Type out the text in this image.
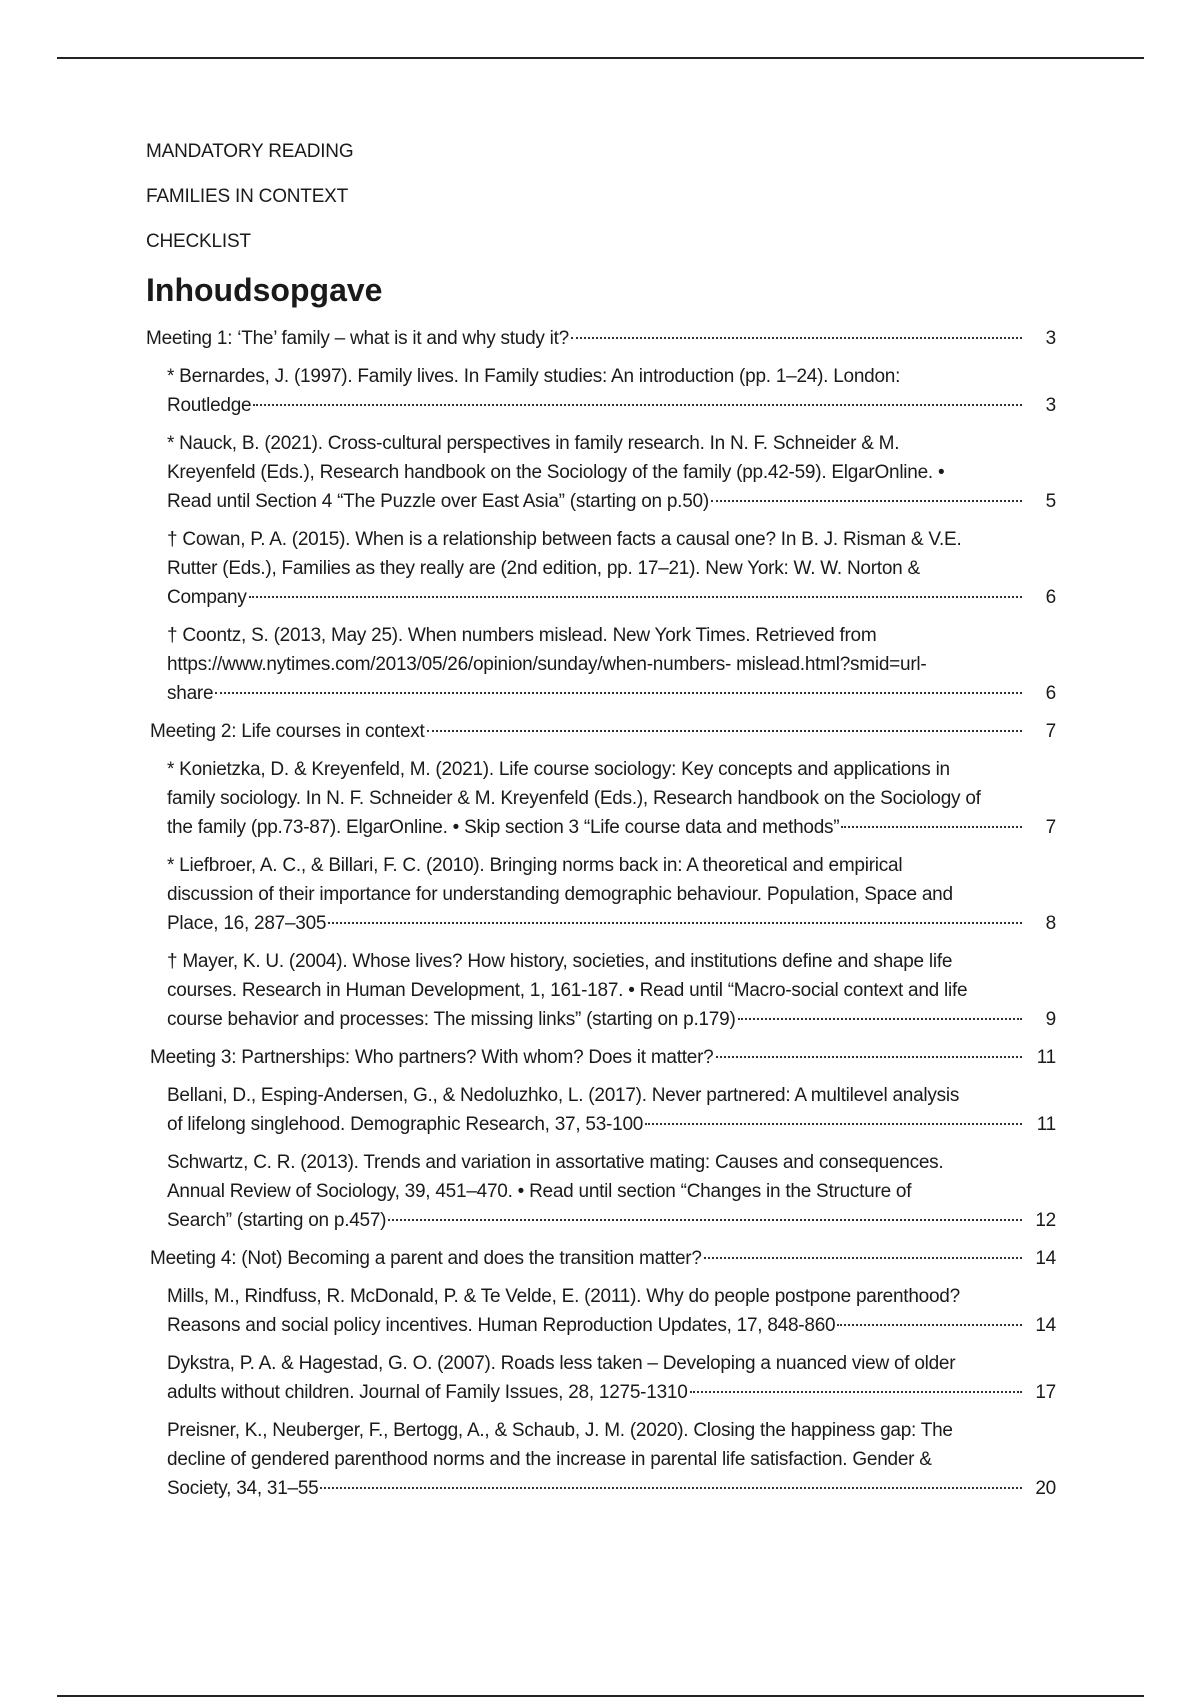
MANDATORY READING
FAMILIES IN CONTEXT
CHECKLIST
Inhoudsopgave
Meeting 1: ‘The’ family – what is it and why study it?	3
* Bernardes, J. (1997). Family lives. In Family studies: An introduction (pp. 1–24). London:
Routledge	3
* Nauck, B. (2021). Cross-cultural perspectives in family research. In N. F. Schneider & M.
Kreyenfeld (Eds.), Research handbook on the Sociology of the family (pp.42-59). ElgarOnline. •
Read until Section 4 “The Puzzle over East Asia” (starting on p.50)	5
† Cowan, P. A. (2015). When is a relationship between facts a causal one? In B. J. Risman & V.E.
Rutter (Eds.), Families as they really are (2nd edition, pp. 17–21). New York: W. W. Norton &
Company	6
† Coontz, S. (2013, May 25). When numbers mislead. New York Times. Retrieved from
https://www.nytimes.com/2013/05/26/opinion/sunday/when-numbers- mislead.html?smid=url-
share	6
Meeting 2: Life courses in context	7
* Konietzka, D. & Kreyenfeld, M. (2021). Life course sociology: Key concepts and applications in
family sociology. In N. F. Schneider & M. Kreyenfeld (Eds.), Research handbook on the Sociology of
the family (pp.73-87). ElgarOnline. • Skip section 3 “Life course data and methods”	7
* Liefbroer, A. C., & Billari, F. C. (2010). Bringing norms back in: A theoretical and empirical
discussion of their importance for understanding demographic behaviour. Population, Space and
Place, 16, 287–305	8
† Mayer, K. U. (2004). Whose lives? How history, societies, and institutions define and shape life
courses. Research in Human Development, 1, 161-187. • Read until “Macro-social context and life
course behavior and processes: The missing links” (starting on p.179)	9
Meeting 3: Partnerships: Who partners? With whom? Does it matter?	11
Bellani, D., Esping-Andersen, G., & Nedoluzhko, L. (2017). Never partnered: A multilevel analysis
of lifelong singlehood. Demographic Research, 37, 53-100	11
Schwartz, C. R. (2013). Trends and variation in assortative mating: Causes and consequences.
Annual Review of Sociology, 39, 451–470. • Read until section “Changes in the Structure of
Search” (starting on p.457)	12
Meeting 4: (Not) Becoming a parent and does the transition matter?	14
Mills, M., Rindfuss, R. McDonald, P. & Te Velde, E. (2011). Why do people postpone parenthood?
Reasons and social policy incentives. Human Reproduction Updates, 17, 848-860	14
Dykstra, P. A. & Hagestad, G. O. (2007). Roads less taken – Developing a nuanced view of older
adults without children. Journal of Family Issues, 28, 1275-1310	17
Preisner, K., Neuberger, F., Bertogg, A., & Schaub, J. M. (2020). Closing the happiness gap: The
decline of gendered parenthood norms and the increase in parental life satisfaction. Gender &
Society, 34, 31–55	20
